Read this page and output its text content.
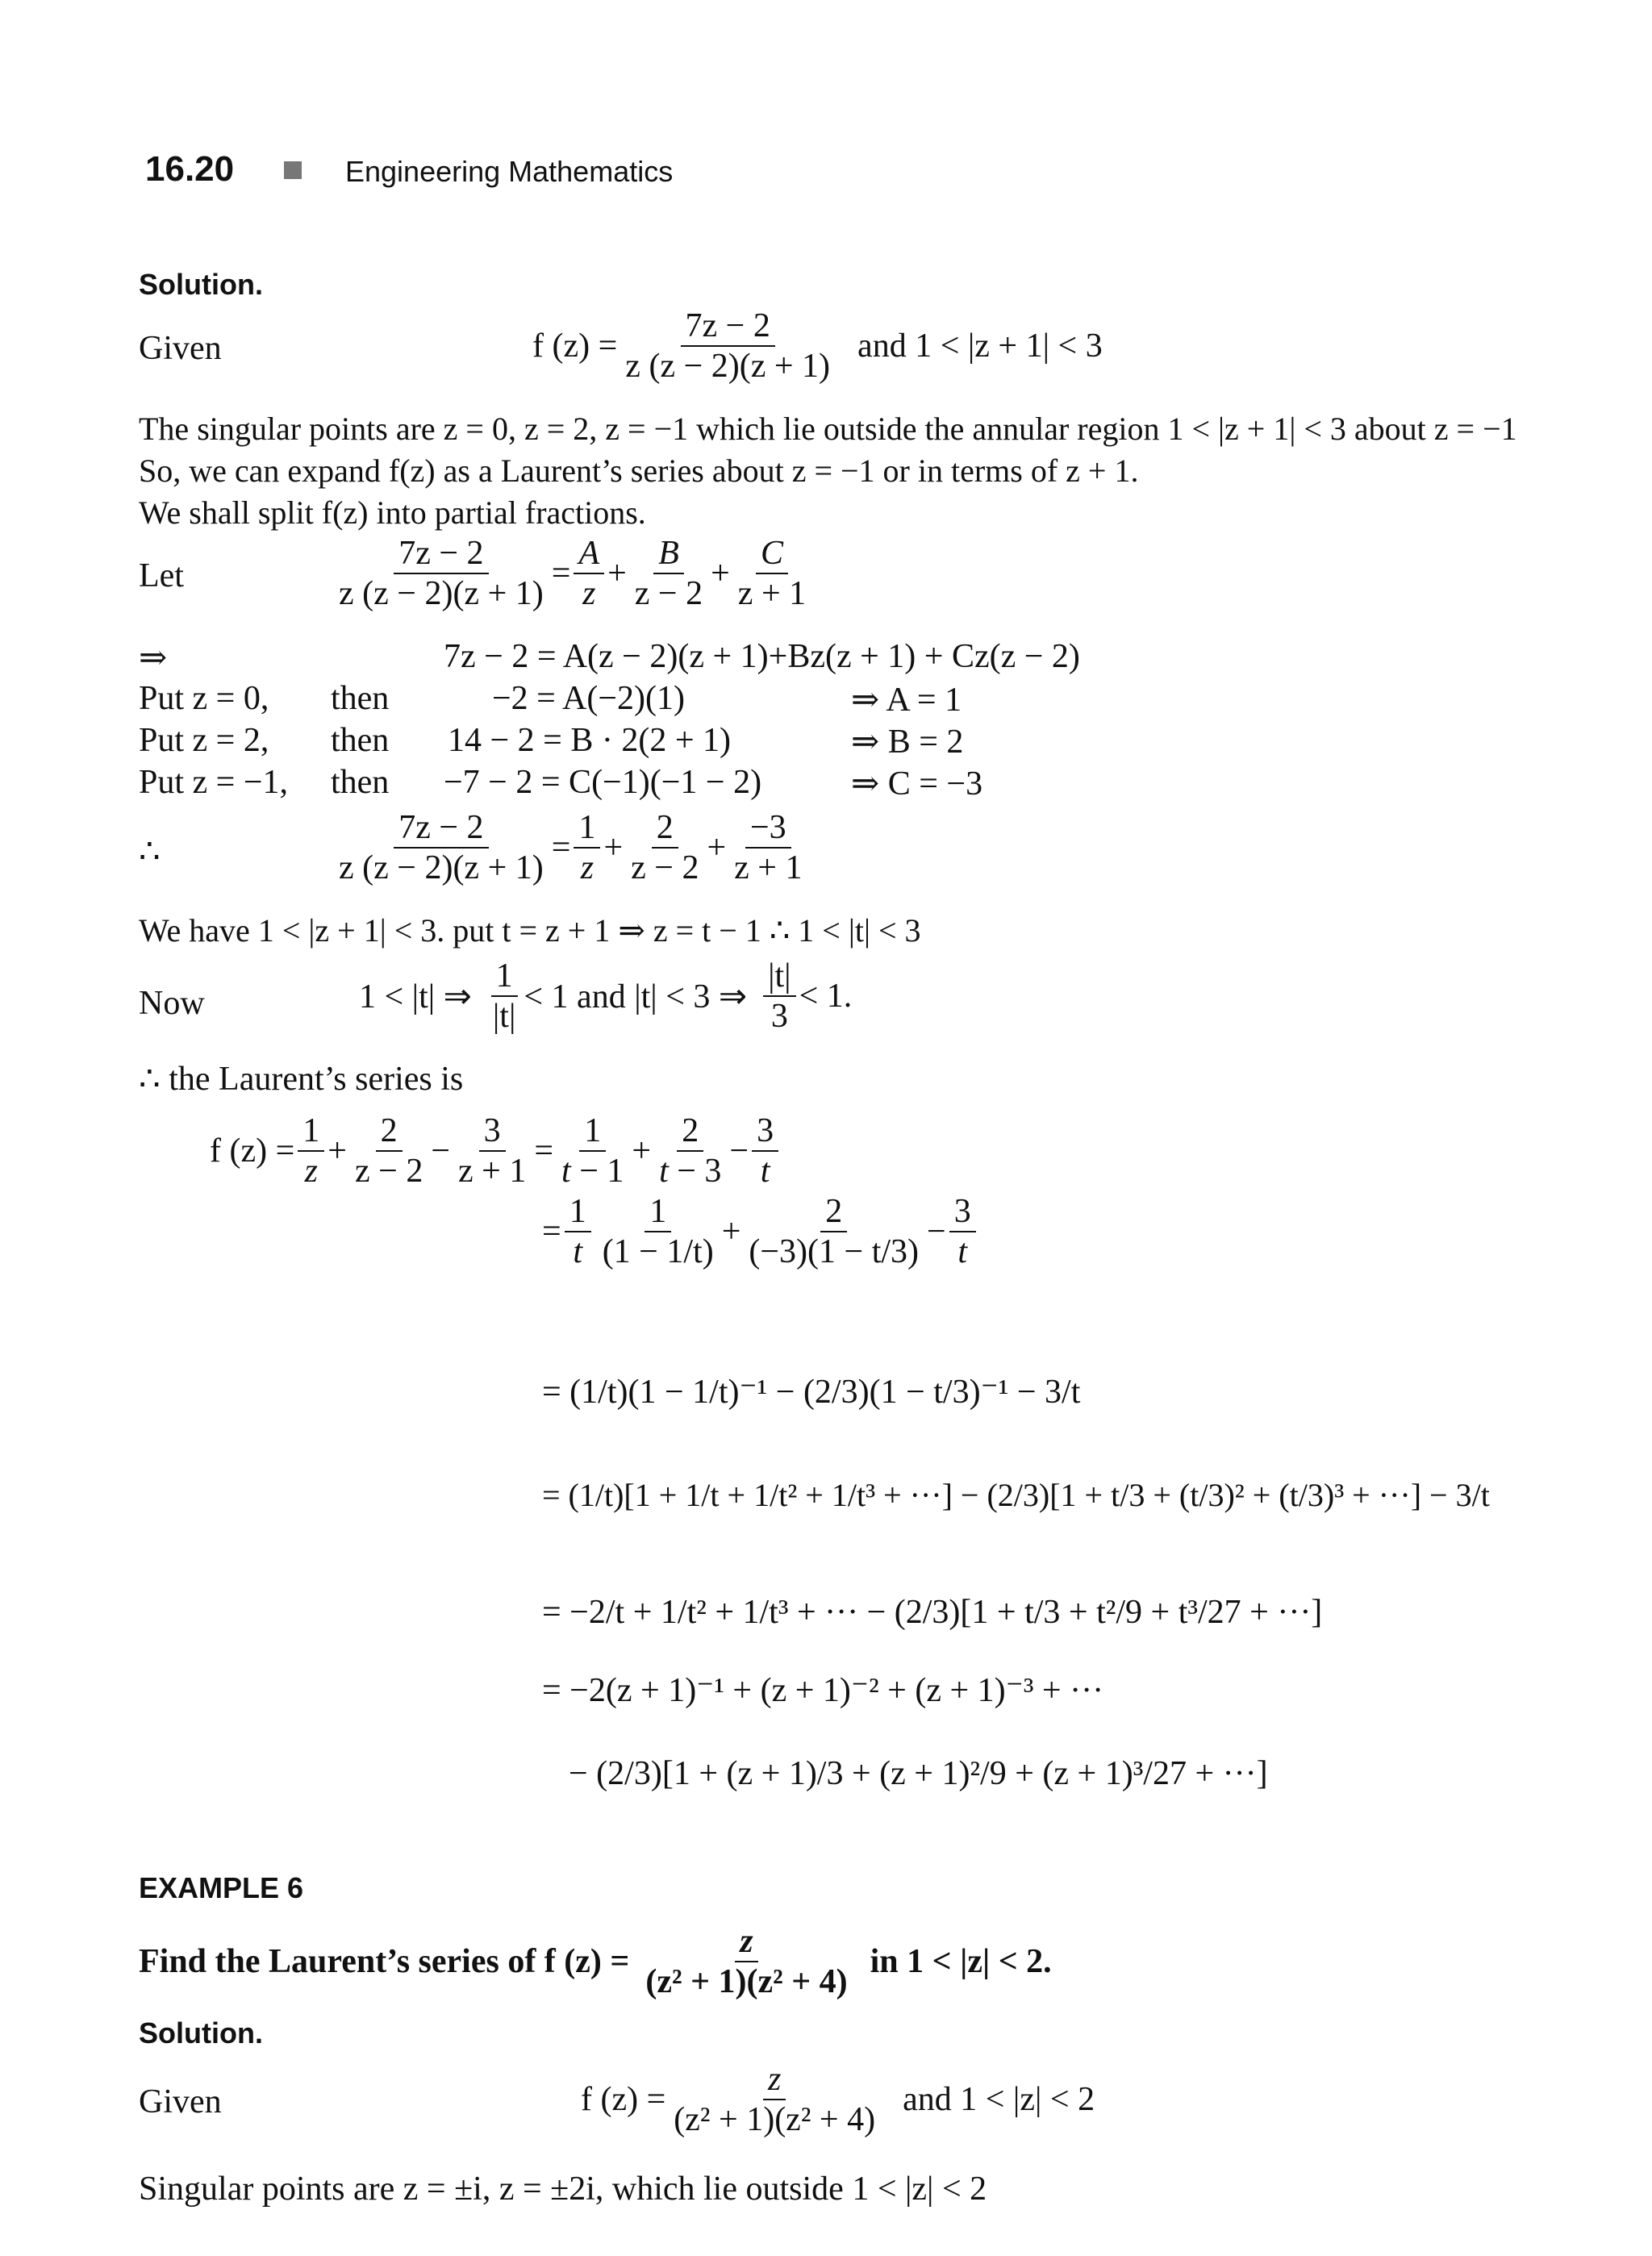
16.20	Engineering Mathematics
Solution.
Given	f $(z) = \frac{7z - 2}{z (z - 2)(z + 1)}$ and 1 < |z + 1| < 3
The singular points are z = 0, z = 2, z = −1 which lie outside the annular region 1 < |z + 1| < 3 about z = −1
So, we can expand f(z) as a Laurent’s series about z = −1 or in terms of z + 1.
We shall split f(z) into partial fractions.
Let	$\frac{7z - 2}{z (z - 2)(z + 1)} = \frac{A}{z} + \frac{B}{z - 2} + \frac{C}{z + 1}$
⇒	7z − 2 = A(z − 2)(z + 1)+Bz(z + 1) + Cz(z − 2)
Put z = 0, then	−2 = A(−2)(1)	⇒ A = 1
Put z = 2, then 14 − 2 = B · 2(2 + 1)	⇒ B = 2
Put z = −1, then −7 − 2 = C(−1)(−1 − 2)	⇒ C = −3
∴	$\frac{7z - 2}{z (z - 2)(z + 1)} = \frac{1}{z} + \frac{2}{z - 2} + \frac{-3}{z + 1}$
We have 1 < |z + 1| < 3. put t = z + 1 ⇒ z = t − 1 ∴ 1 < |t| < 3
Now	1 < |t| ⇒ $\frac{1}{|t|} < 1$ and |t| < 3 ⇒ $\frac{|t|}{3} < 1$.
∴ the Laurent’s series is
f $(z) = \frac{1}{z} + \frac{2}{z - 2} - \frac{3}{z + 1} = \frac{1}{t - 1} + \frac{2}{t - 3} - \frac{3}{t}$
= $\frac{1}{t} \frac{1}{(1 - 1/t)} + \frac{2}{(-3)(1 - t/3)} - \frac{3}{t}$
= (1/t)(1 − 1/t)⁻¹ − (2/3)(1 − t/3)⁻¹ − 3/t
= (1/t)[1 + 1/t + 1/t² + 1/t³ + ···] − (2/3)[1 + t/3 + (t/3)² + (t/3)³ + ···] − 3/t
= −2/t + 1/t² + 1/t³ + ··· − (2/3)[1 + t/3 + t²/9 + t³/27 + ···]
= −2(z + 1)⁻¹ + (z + 1)⁻² + (z + 1)⁻³ + ···
− (2/3)[1 + (z + 1)/3 + (z + 1)²/9 + (z + 1)³/27 + ···]
EXAMPLE 6
Find the Laurent’s series of f $(z) = \frac{z}{\text{(z² + 1)(z² + 4)}}$ in 1 < |z| < 2.
Solution.
Given	f $(z) = \frac{z}{\text{(z² + 1)(z² + 4)}}$ and 1 < |z| < 2
Singular points are z = ±i, z = ±2i, which lie outside 1 < |z| < 2
